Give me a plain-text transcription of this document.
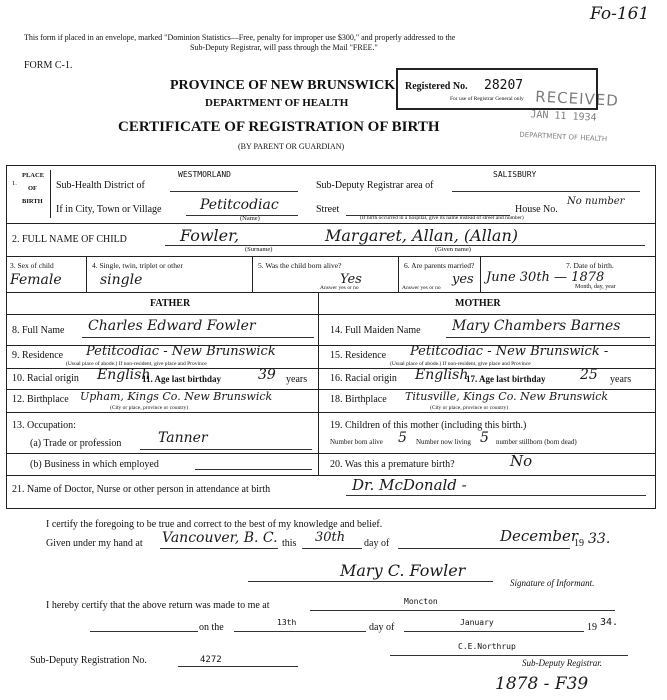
This form if placed in an envelope, marked "Dominion Statistics—Free, penalty for improper use $300," and properly addressed to the
Sub-Deputy Registrar, will pass through the Mail "FREE."
Fo-161
FORM C-1.
PROVINCE OF NEW BRUNSWICK
DEPARTMENT OF HEALTH
CERTIFICATE OF REGISTRATION OF BIRTH
(BY PARENT OR GUARDIAN)
Registered No. 28207
For use of Registrar General only RECEIVED
JAN 11 1934
DEPARTMENT OF HEALTH
1.
PLACE
OF
BIRTH
Sub-Health District of
WESTMORLAND
Sub-Deputy Registrar area of
SALISBURY
If in City, Town or Village	Petitcodiac
(Name)
Street
(If birth occurred in a hospital, give its name instead of street and number)
House No.
No number
2. FULL NAME OF CHILD	Fowler,
(Surname)
Margaret, Allan, (Allan)
(Given name)
3. Sex of child
Female
4. Single, twin, triplet or other
single
5. Was the child born alive?
Yes
Answer yes or no
6. Are parents married?
yes
Answer yes or no
7. Date of birth.
June 30th — 1878
Month, day, year
FATHER	MOTHER
8. Full Name Charles Edward Fowler	14. Full Maiden Name Mary Chambers Barnes
9. Residence Petitcodiac - New Brunswick
(Usual place of abode.) If non-resident, give place and Province
15. Residence Petitcodiac - New Brunswick -
(Usual place of abode.) If non-resident, give place and Province
10. Racial origin English
11. Age last birthday	39 years 16. Racial origin English
17. Age last birthday 25 years
12. Birthplace Upham, Kings Co. New Brunswick
(City or place, province or country)
18. Birthplace Titusville, Kings Co. New Brunswick
(City or place, province or country)
13. Occupation:
(a) Trade or profession	Tanner
(b) Business in which employed
19. Children of this mother (including this birth.)
Number born alive 5 Number now living 5 number stillborn (born dead)
20. Was this a premature birth?	No
21. Name of Doctor, Nurse or other person in attendance at birth	Dr. McDonald -
I certify the foregoing to be true and correct to the best of my knowledge and belief.
Given under my hand at Vancouver, B. C. this 30th day of	December
19 33.
Mary C. Fowler
Signature of Informant.
I hereby certify that the above return was made to me at	Moncton
on the	13th	day of	January	19 34.
Sub-Deputy Registration No.	4272
C.E.Northrup
Sub-Deputy Registrar.
1878 - F39
